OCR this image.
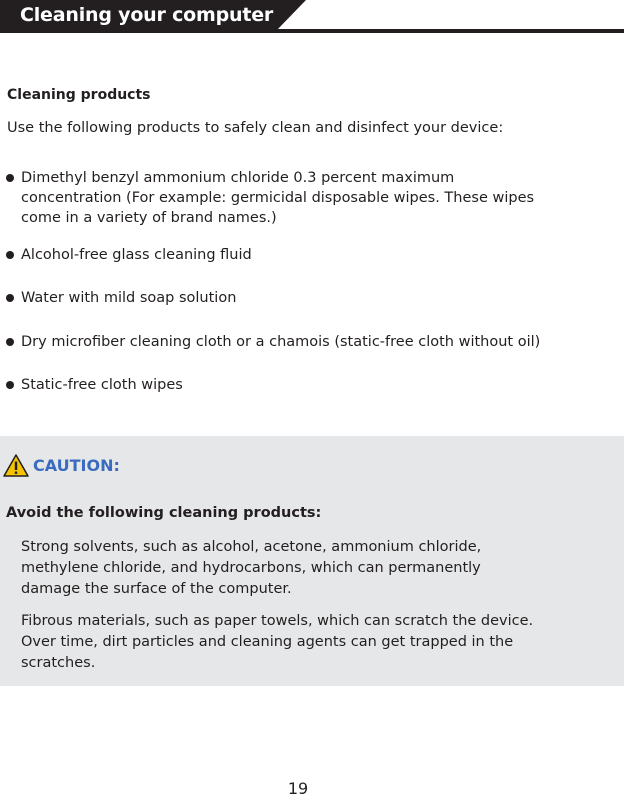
Cleaning your computer
Cleaning products
Use the following products to safely clean and disinfect your device:
Dimethyl benzyl ammonium chloride 0.3 percent maximum concentration (For example: germicidal disposable wipes. These wipes come in a variety of brand names.)
Alcohol-free glass cleaning fluid
Water with mild soap solution
Dry microfiber cleaning cloth or a chamois (static-free cloth without oil)
Static-free cloth wipes
CAUTION:
Avoid the following cleaning products:
Strong solvents, such as alcohol, acetone, ammonium chloride, methylene chloride, and hydrocarbons, which can permanently damage the surface of the computer.
Fibrous materials, such as paper towels, which can scratch the device. Over time, dirt particles and cleaning agents can get trapped in the scratches.
19
